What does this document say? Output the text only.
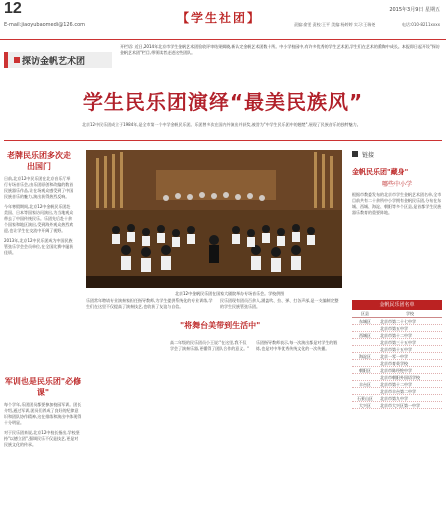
12
E-mail:jiaoyubaomedi@126.com	【学生社团】
2015年3月9日 星期五
责编:俞雯 责校:王平 美编:杨婷婷 实习:王瑞尧	电话:010-8211xxxx
探访金帆艺术团
开栏语: 近日,2014年北京市学生金帆艺术团验收评审结果揭晓,新认定金帆艺术团数十所。中小学校园中,有许多优秀的学生艺术团,学生们在艺术的熏陶中成长。本报即日起开设"探访金帆艺术团"栏目,带领读者走进这些团队。
学生民乐团演绎“最美民族风”
北京12中民乐团成立于1984年,是全市第一个中学金帆民乐团。乐团曾多次在国内外演出并获奖,被誉为"中学生民乐团中的翘楚",展现了民族音乐的独特魅力。
老牌民乐团多次走出国门
日前,北京12中民乐团在北京音乐厅举行专场音乐会,由乐团原创和改编的数首民族器乐作品,让在场观众感受到了中国民族音乐的魅力,演出获得热烈反响。
今年寒假期间,北京12中金帆民乐团赴美国、日本等国家访问演出,为当地观众带去了中国传统民乐。乐团先后赴十余个国家和地区演出,受到海外观众热烈欢迎,也让学生在交流中开阔了视野。
2013年,北京12中民乐团成为中国民族管弦乐学会会员单位,在全国比赛中屡获佳绩。
军训也是民乐团"必修课"
每个学年,乐团团员都要参加校园军训。团长介绍,通过军训,团员们养成了良好的纪律意识和团队协作精神,这在排练和演出中体现得十分明显。
对于民乐团来说,北京12中校长指出,学校坚持"以德立团",强调民乐不仅是技艺,更是对民族文化的传承。
北京12中金帆民乐团在国家大剧院举办专场音乐会。学校供图
乐团常年聘请专业演奏家担任指导教师,为学生提供系统化的专业训练,学生们在这里不仅提高了演奏技艺,也收获了友谊与自信。
民乐团现有团员百余人,涵盖吹、拉、弹、打各声部,是一支编制完整的学生民族管弦乐团。
"将舞台美带到生活中"
高二年级的民乐团员小王说:"在这里,我不仅学会了演奏乐器,更懂得了团队合作的意义。"
乐团指导教师表示,每一次演出都是对学生的锻炼,也是对中华优秀传统文化的一次传播。
链接
金帆民乐团"藏身"
哪些中小学
根据市教委发布的北京市学生金帆艺术团名单,全市目前共有二十余所中小学拥有金帆民乐团,分布在东城、西城、海淀、朝阳等多个区县,是首都学生民族器乐教育的重要阵地。
金帆民乐团名单
区县	学校
东城区	北京市第二十七中学
北京市第五中学
西城区	北京市第十二中学
北京市第三十五中学
北京市第十五中学
海淀区	北京一零一中学
北京市育英学校
朝阳区	北京市陈经纶中学
北京市朝阳外国语学校
丰台区	北京市第十二中学
北京市丰台第二中学
石景山区	北京市第九中学
大兴区	北京市大兴区第一中学
